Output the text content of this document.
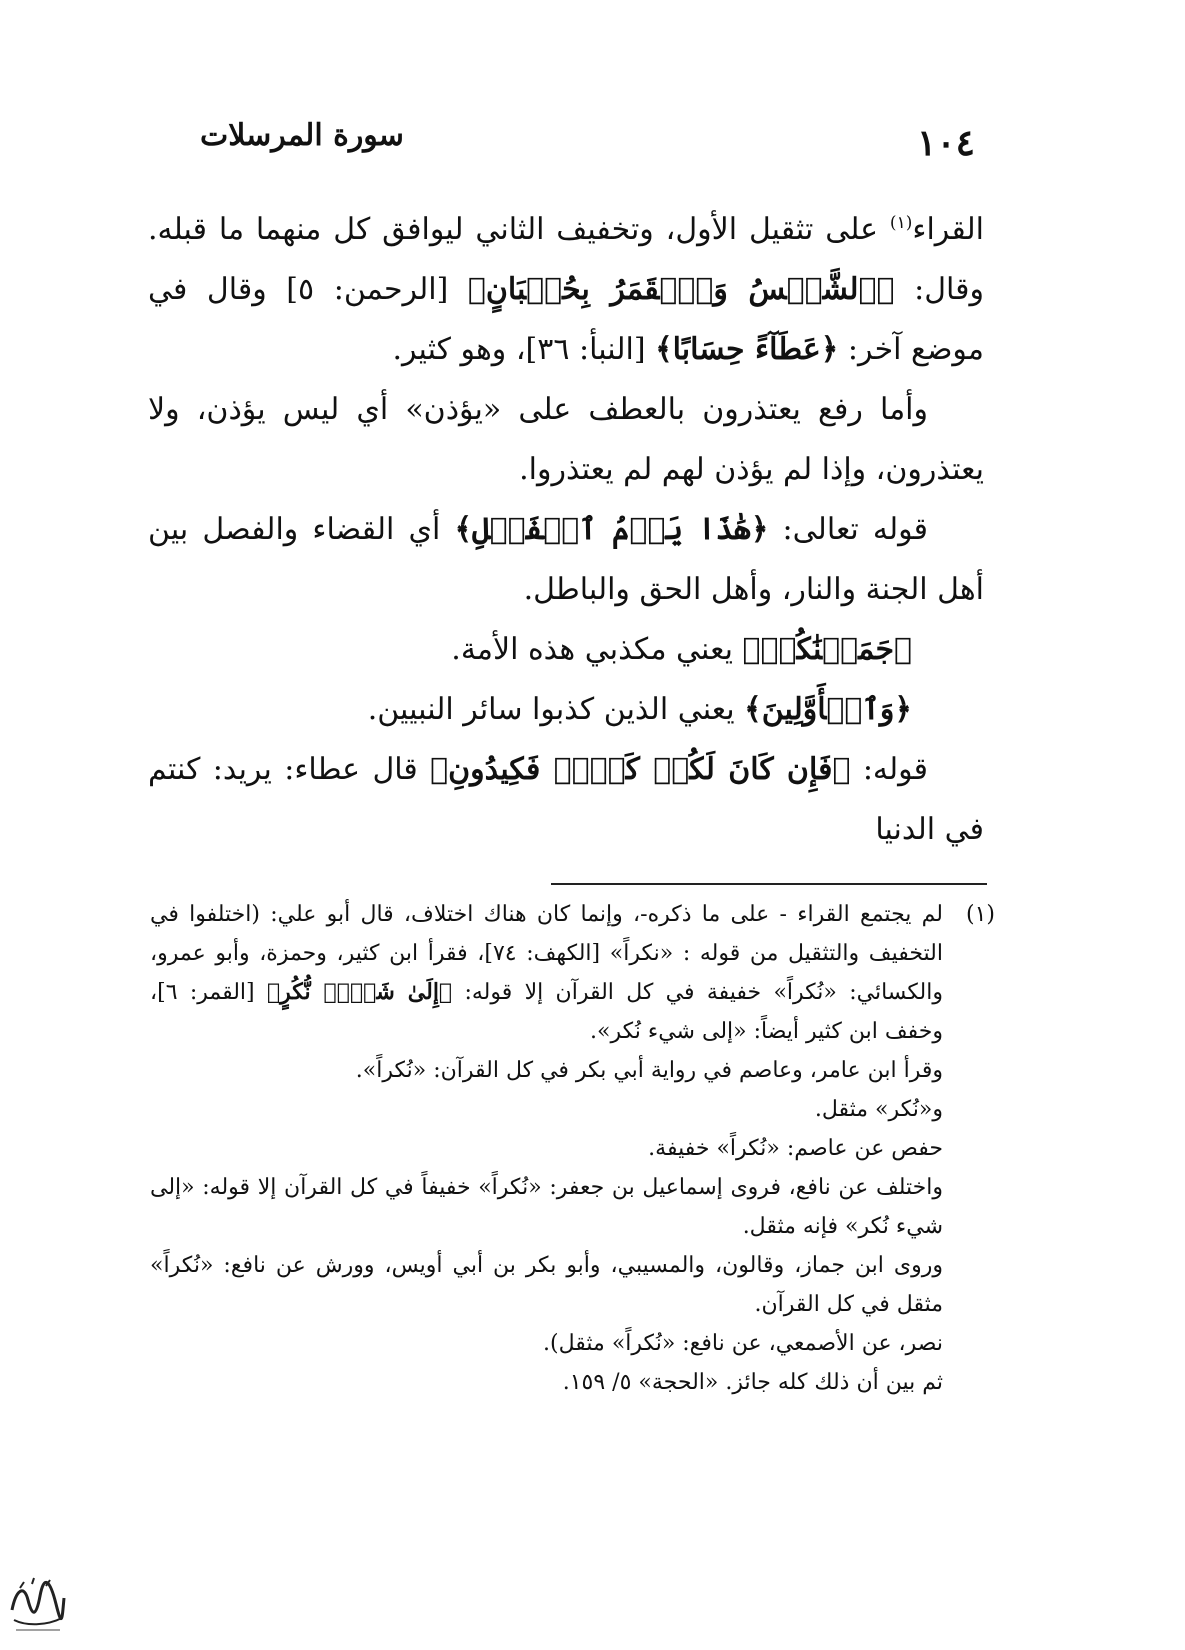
١٠٤
سورة المرسلات

القراء$^{(١)}$ على تثقيل الأول، وتخفيف الثاني ليوافق كل منهما ما قبله. وقال: ﴿ٱلشَّمۡسُ وَٱلۡقَمَرُ بِحُسۡبَانٍ﴾ [الرحمن: ٥] وقال في موضع آخر: ﴿عَطَآءً حِسَابًا﴾ [النبأ: ٣٦]، وهو كثير.

وأما رفع يعتذرون بالعطف على «يؤذن» أي ليس يؤذن، ولا يعتذرون، وإذا لم يؤذن لهم لم يعتذروا.

قوله تعالى: ﴿هَٰذَا يَوۡمُ ٱلۡفَصۡلِ﴾ أي القضاء والفصل بين أهل الجنة والنار، وأهل الحق والباطل.

﴿جَمَعۡنَٰكُمۡ﴾ يعني مكذبي هذه الأمة.

﴿وَٱلۡأَوَّلِينَ﴾ يعني الذين كذبوا سائر النبيين.

قوله: ﴿فَإِن كَانَ لَكُمۡ كَيۡدٞ فَكِيدُونِ﴾ قال عطاء: يريد: كنتم في الدنيا

(١)
لم يجتمع القراء - على ما ذكره-، وإنما كان هناك اختلاف، قال أبو علي: (اختلفوا في التخفيف والتثقيل من قوله : «نكراً» [الكهف: ٧٤]، فقرأ ابن كثير، وحمزة، وأبو عمرو، والكسائي: «نُكراً» خفيفة في كل القرآن إلا قوله: ﴿إِلَىٰ شَيۡءٖ نُّكُرٍ﴾ [القمر: ٦]، وخفف ابن كثير أيضاً: «إلى شيء نُكر».

وقرأ ابن عامر، وعاصم في رواية أبي بكر في كل القرآن: «نُكراً».

و«نُكر» مثقل.

حفص عن عاصم: «نُكراً» خفيفة.

واختلف عن نافع، فروى إسماعيل بن جعفر: «نُكراً» خفيفاً في كل القرآن إلا قوله: «إلى شيء نُكر» فإنه مثقل.

وروى ابن جماز، وقالون، والمسيبي، وأبو بكر بن أبي أويس، وورش عن نافع: «نُكراً» مثقل في كل القرآن.

نصر، عن الأصمعي، عن نافع: «نُكراً» مثقل).

ثم بين أن ذلك كله جائز. «الحجة» ٥/ ١٥٩.
